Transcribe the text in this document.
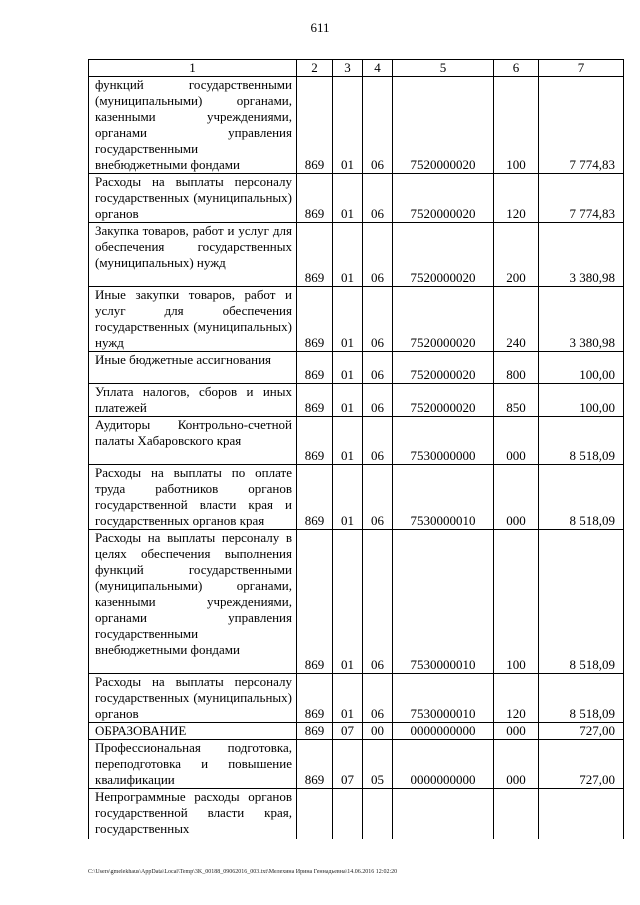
611
1	2	3	4	5	6	7
функций государственными (муниципальными) органами, казенными учреждениями, органами управления государственными внебюджетными фондами	869	01	06	7520000020	100	7 774,83
Расходы на выплаты персоналу государственных (муниципальных) органов	869	01	06	7520000020	120	7 774,83
Закупка товаров, работ и услуг для обеспечения государственных (муниципальных) нужд	869	01	06	7520000020	200	3 380,98
Иные закупки товаров, работ и услуг для обеспечения государственных (муниципальных) нужд	869	01	06	7520000020	240	3 380,98
Иные бюджетные ассигнования	869	01	06	7520000020	800	100,00
Уплата налогов, сборов и иных платежей	869	01	06	7520000020	850	100,00
Аудиторы Контрольно-счетной палаты Хабаровского края	869	01	06	7530000000	000	8 518,09
Расходы на выплаты по оплате труда работников органов государственной власти края и государственных органов края	869	01	06	7530000010	000	8 518,09
Расходы на выплаты персоналу в целях обеспечения выполнения функций государственными (муниципальными) органами, казенными учреждениями, органами управления государственными внебюджетными фондами	869	01	06	7530000010	100	8 518,09
Расходы на выплаты персоналу государственных (муниципальных) органов	869	01	06	7530000010	120	8 518,09
ОБРАЗОВАНИЕ	869	07	00	0000000000	000	727,00
Профессиональная подготовка, переподготовка и повышение квалификации	869	07	05	0000000000	000	727,00
Непрограммные расходы органов государственной власти края, государственных						
C:\Users\gmelekhaus\AppData\Local\Temp\3K_00188_09062016_003.txt\Мелехина Ирина Геннадьевна\14.06.2016 12:02:20
